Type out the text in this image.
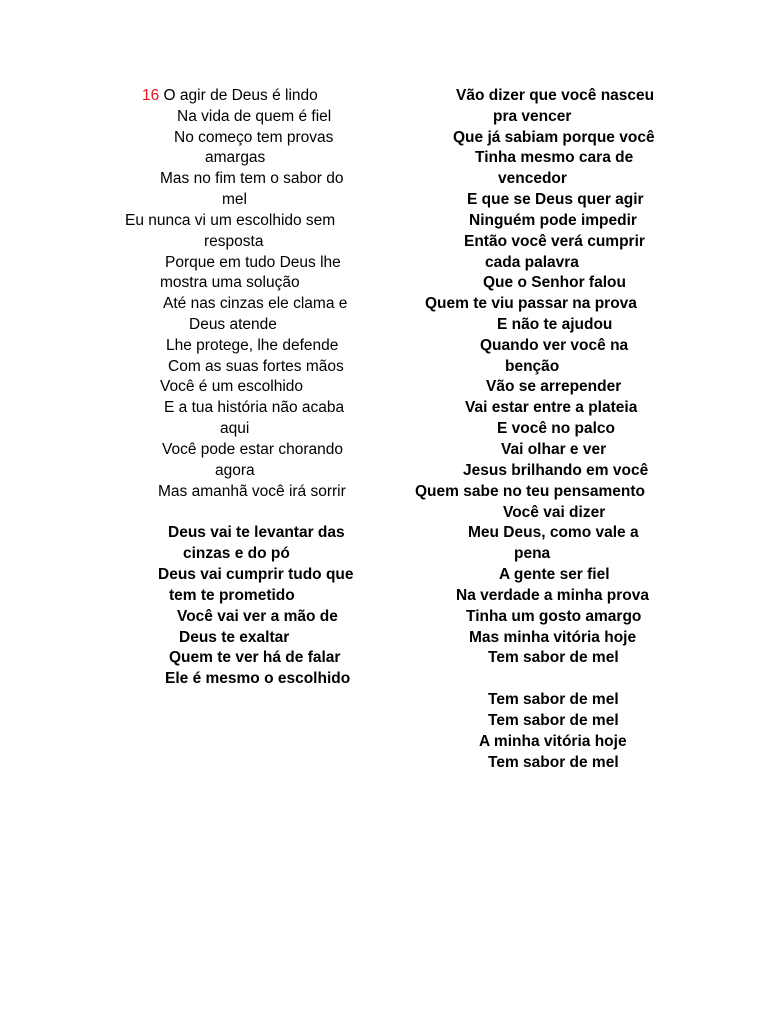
16 O agir de Deus é lindo
Na vida de quem é fiel
No começo tem provas
amargas
Mas no fim tem o sabor do
mel
Eu nunca vi um escolhido sem
resposta
Porque em tudo Deus lhe
mostra uma solução
Até nas cinzas ele clama e
Deus atende
Lhe protege, lhe defende
Com as suas fortes mãos
Você é um escolhido
E a tua história não acaba
aqui
Você pode estar chorando
agora
Mas amanhã você irá sorrir
Deus vai te levantar das
cinzas e do pó
Deus vai cumprir tudo que
tem te prometido
Você vai ver a mão de
Deus te exaltar
Quem te ver há de falar
Ele é mesmo o escolhido
Vão dizer que você nasceu
pra vencer
Que já sabiam porque você
Tinha mesmo cara de
vencedor
E que se Deus quer agir
Ninguém pode impedir
Então você verá cumprir
cada palavra
Que o Senhor falou
Quem te viu passar na prova
E não te ajudou
Quando ver você na
benção
Vão se arrepender
Vai estar entre a plateia
E você no palco
Vai olhar e ver
Jesus brilhando em você
Quem sabe no teu pensamento
Você vai dizer
Meu Deus, como vale a
pena
A gente ser fiel
Na verdade a minha prova
Tinha um gosto amargo
Mas minha vitória hoje
Tem sabor de mel
Tem sabor de mel
Tem sabor de mel
A minha vitória hoje
Tem sabor de mel
